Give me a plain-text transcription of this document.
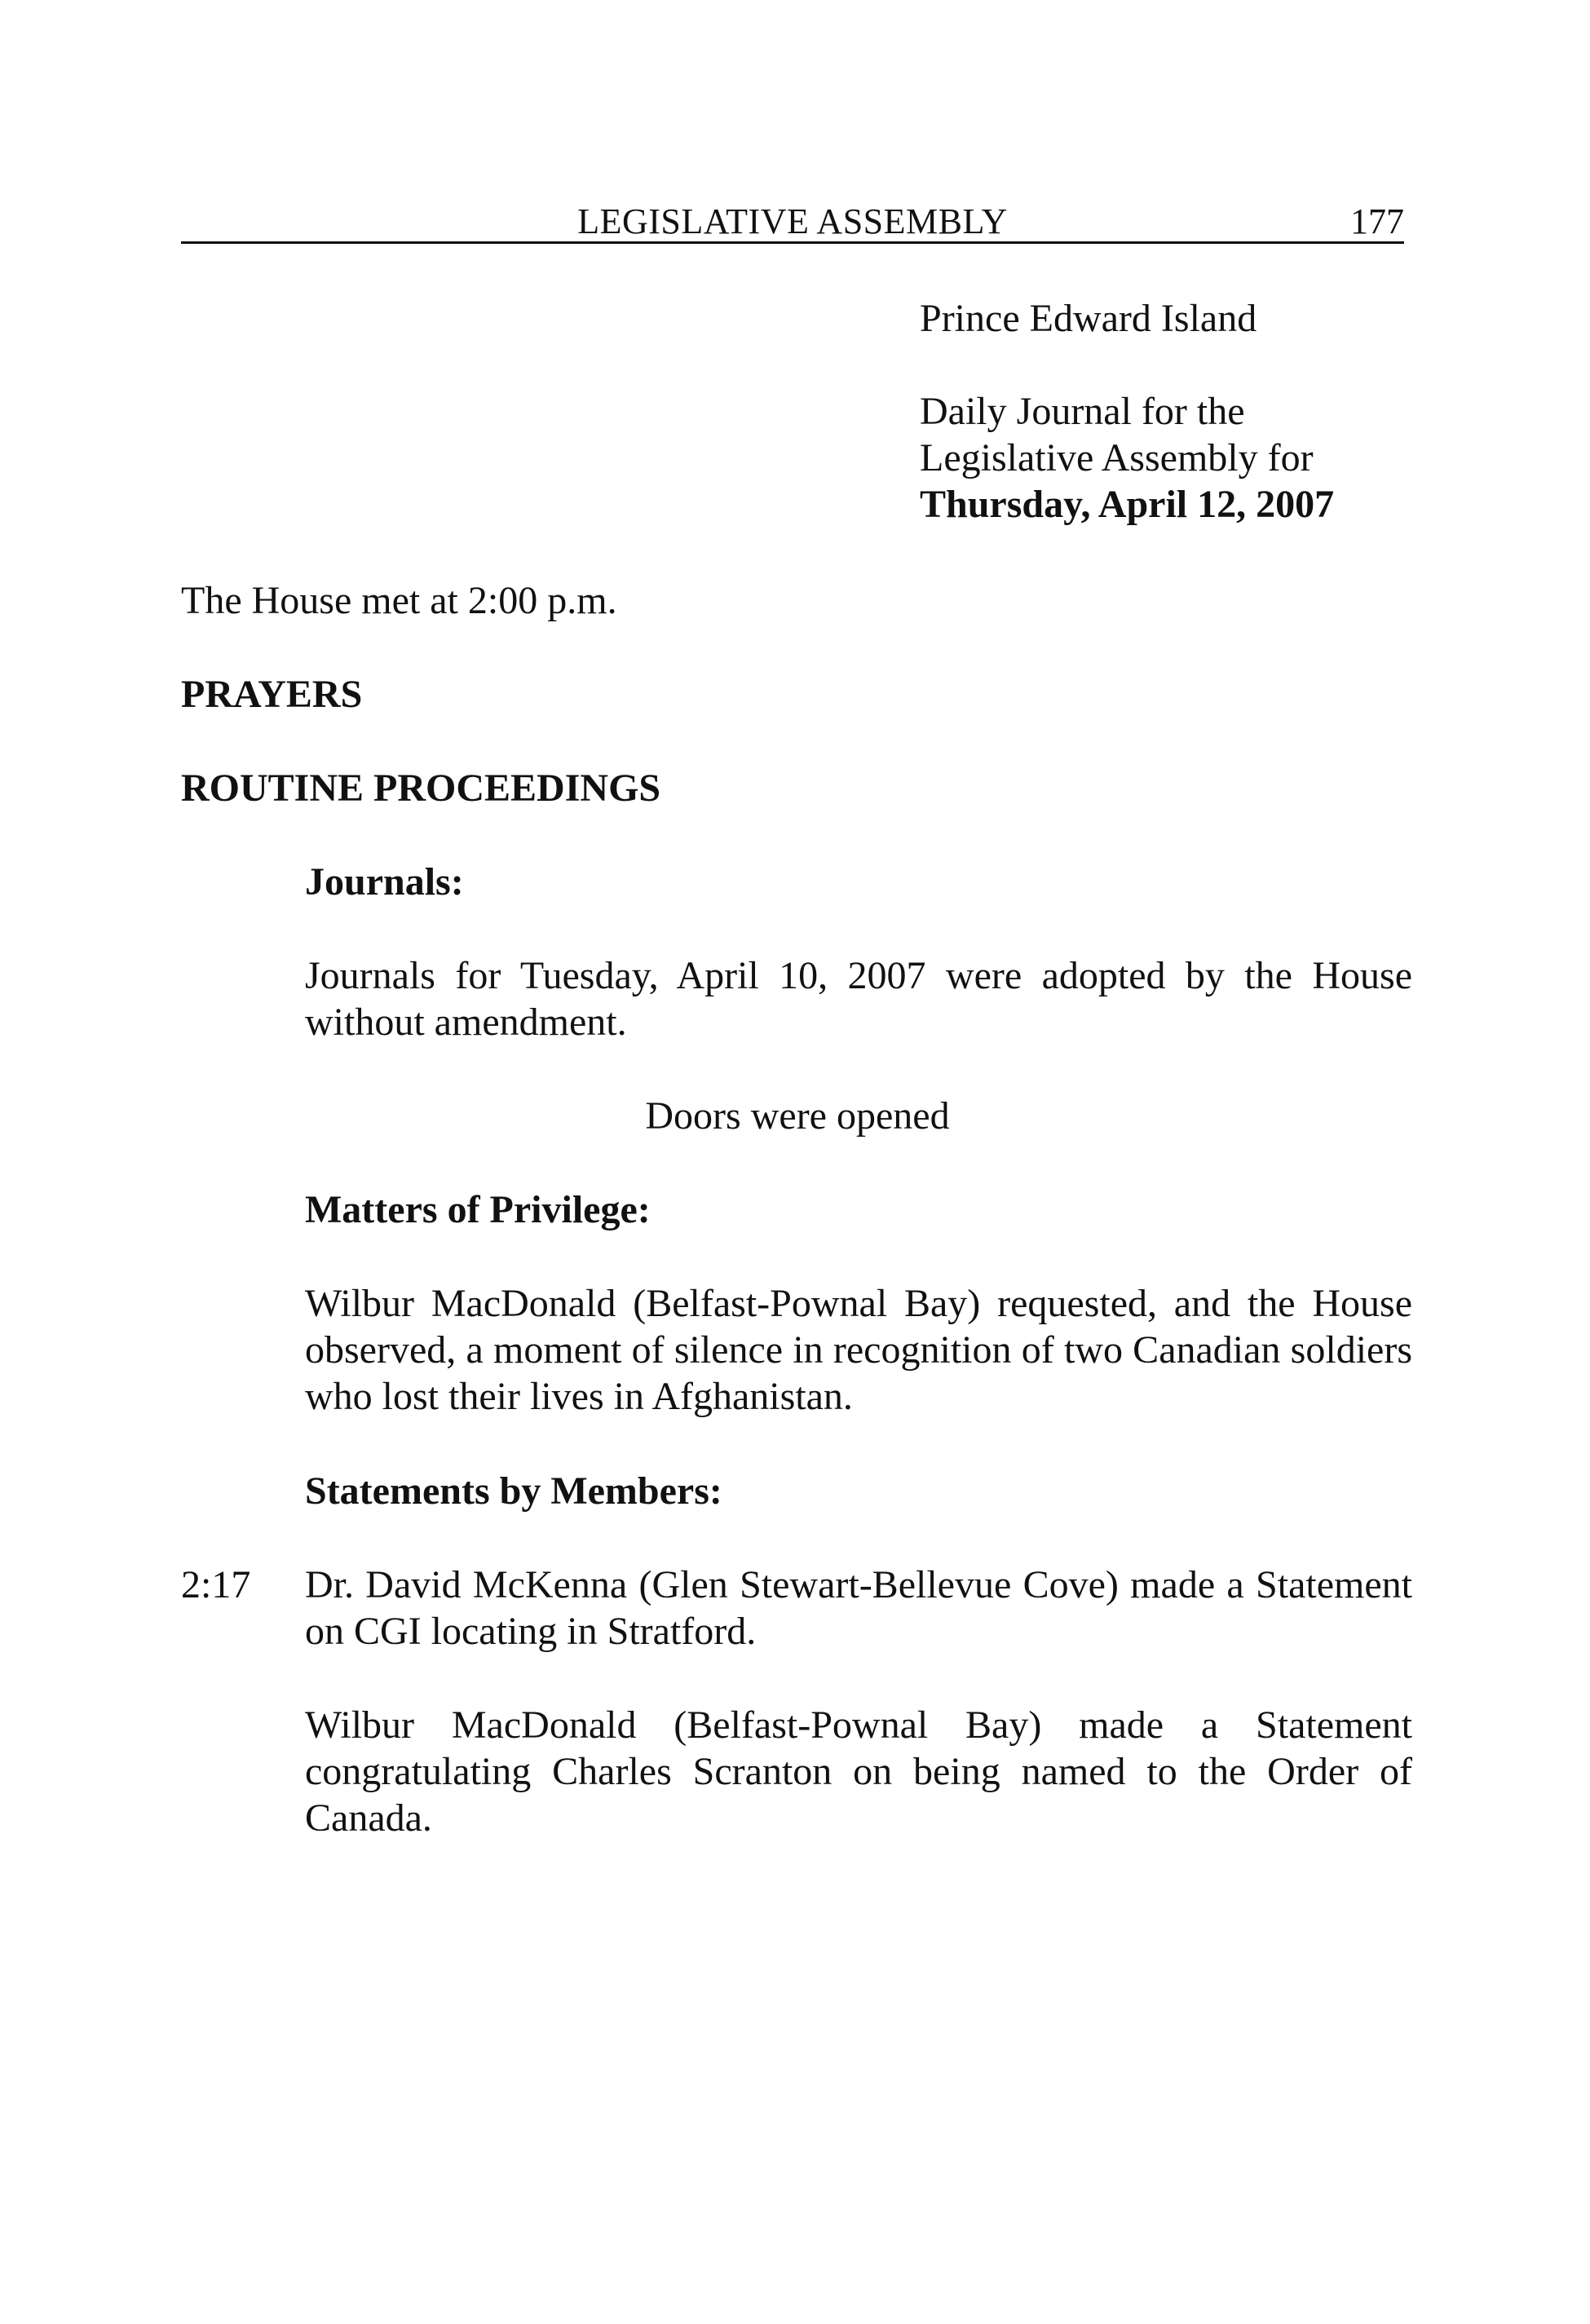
LEGISLATIVE ASSEMBLY	177
Prince Edward Island
Daily Journal for the
Legislative Assembly for
Thursday, April 12, 2007
The House met at 2:00 p.m.
PRAYERS
ROUTINE PROCEEDINGS
Journals:
Journals for Tuesday, April 10, 2007 were adopted by the House without amendment.
Doors were opened
Matters of Privilege:
Wilbur MacDonald (Belfast-Pownal Bay) requested, and the House observed, a moment of silence in recognition of two Canadian soldiers who lost their lives in Afghanistan.
Statements by Members:
2:17 Dr. David McKenna (Glen Stewart-Bellevue Cove) made a Statement on CGI locating in Stratford.
Wilbur MacDonald (Belfast-Pownal Bay) made a Statement congratulating Charles Scranton on being named to the Order of Canada.
